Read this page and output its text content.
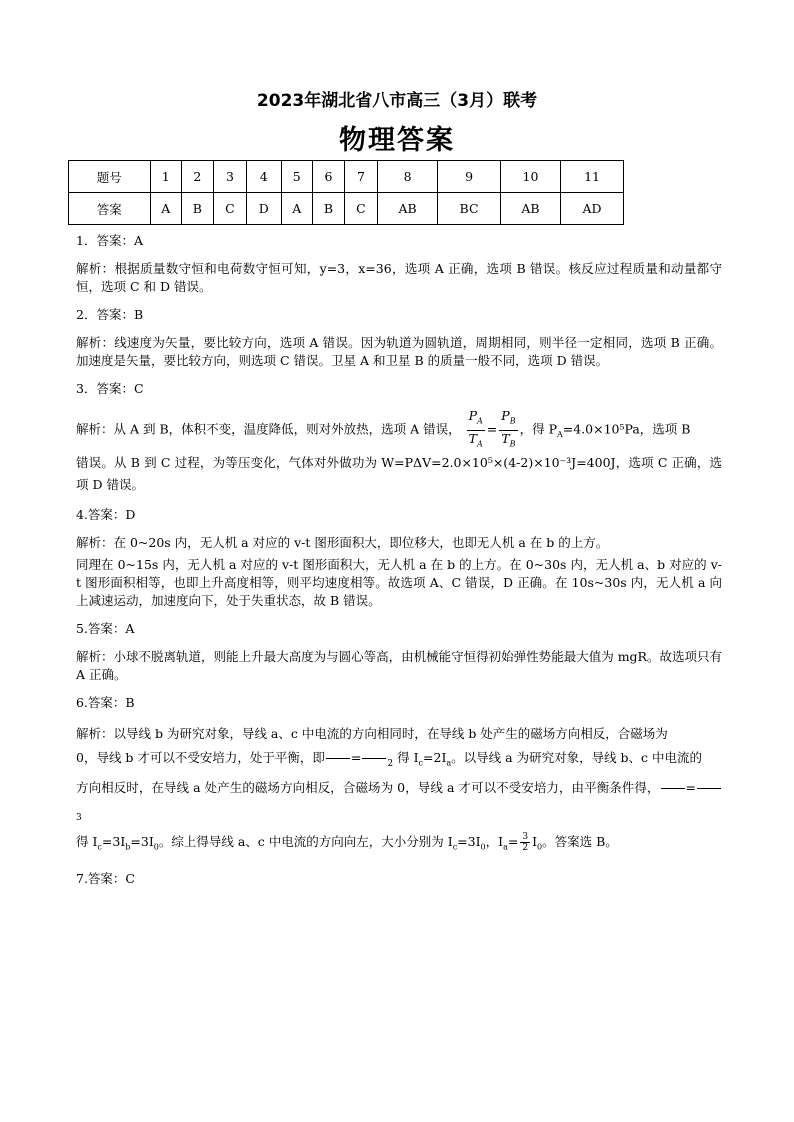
2023年湖北省八市高三（3月）联考
物理答案
题号	1	2	3	4	5	6	7	8	9	10	11
答案	A	B	C	D	A	B	C	AB	BC	AB	AD

1．答案：A

解析：根据质量数守恒和电荷数守恒可知，y=3，x=36，选项 A 正确，选项 B 错误。核反应过程质量和动量都守恒，选项 C 和 D 错误。

2．答案：B

解析：线速度为矢量，要比较方向，选项 A 错误。因为轨道为圆轨道，周期相同，则半径一定相同，选项 B 正确。加速度是矢量，要比较方向，则选项 C 错误。卫星 A 和卫星 B 的质量一般不同，选项 D 错误。

3．答案：C

解析：从 A 到 B，体积不变，温度降低，则对外放热，选项 A 错误， $\frac{P_A}{T_A} = \frac{P_B}{T_B}$ ，得 $P_A=4.0\times 10^5Pa$，选项 B
错误。从 B 到 C 过程，为等压变化，气体对外做功为 W=PΔV=2.0×10⁵×(4-2)×10⁻³J=400J，选项 C 正确，选项 D 错误。

4.答案：D

解析：在 0~20s 内，无人机 a 对应的 v-t 图形面积大，即位移大，也即无人机 a 在 b 的上方。

同理在 0~15s 内，无人机 a 对应的 v-t 图形面积大，无人机 a 在 b 的上方。在 0~30s 内，无人机 a、b 对应的 v-t 图形面积相等，也即上升高度相等，则平均速度相等。故选项 A、C 错误，D 正确。在 10s~30s 内，无人机 a 向上减速运动，加速度向下，处于失重状态，故 B 错误。

5.答案：A

解析：小球不脱离轨道，则能上升最大高度为与圆心等高，由机械能守恒得初始弹性势能最大值为 mgR。故选项只有 A 正确。

6.答案：B

解析：以导线 b 为研究对象，导线 a、c 中电流的方向相同时，在导线 b 处产生的磁场方向相反，合磁场为
0，导线 b 才可以不受安培力，处于平衡，即 =	$_2$ 得 $I_c=2I_a$。以导线 a 为研究对象，导线 b、c 中电流的
方向相反时，在导线 a 处产生的磁场方向相反，合磁场为 0，导线 a 才可以不受安培力，由平衡条件得， $=_3$
得 $I_c=3I_b=3I_0$。综上得导线 a、c 中电流的方向向左，大小分别为 $I_c=3I_0$，$I_a= \frac{3}{2} I_0$。答案选 B。

7.答案：C
